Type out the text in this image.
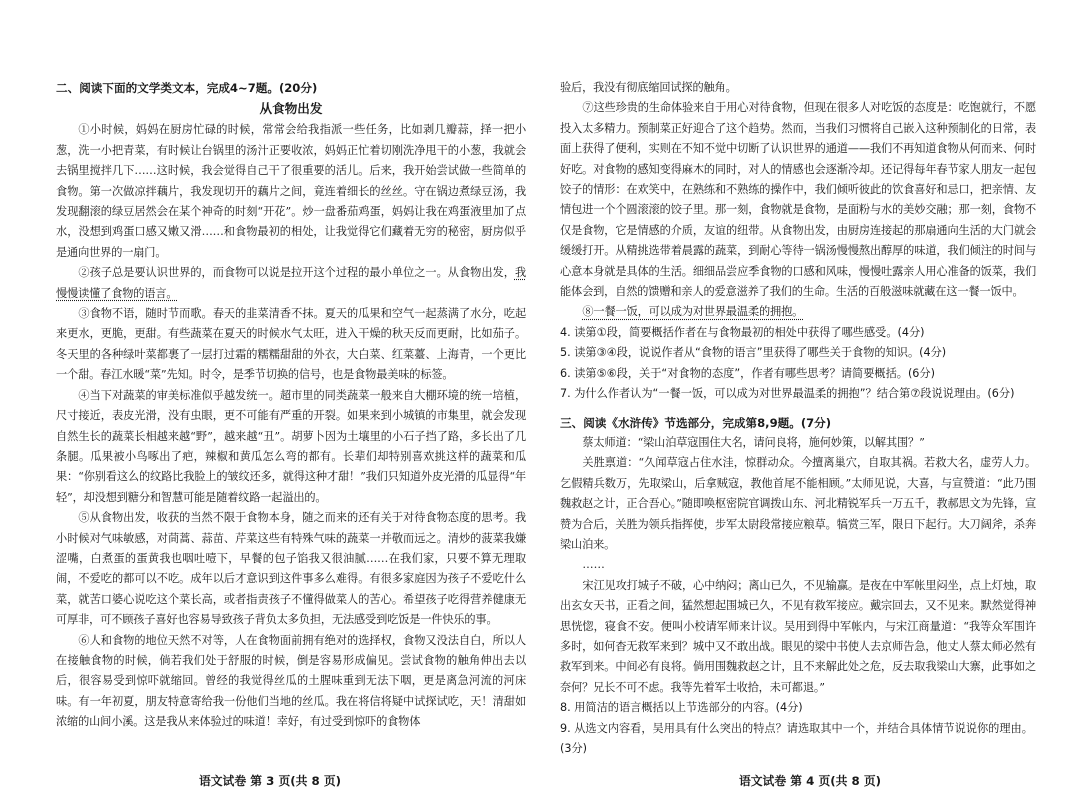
二、阅读下面的文学类文本，完成4~7题。(20分)

从食物出发

①小时候，妈妈在厨房忙碌的时候，常常会给我指派一些任务，比如剥几瓣蒜，择一把小葱，洗一小把青菜，有时候让台锅里的汤汁正要收浓，妈妈正忙着切刚洗净甩干的小葱，我就会去锅里搅拌几下……这时候，我会觉得自己干了很重要的活儿。后来，我开始尝试做一些简单的食物。第一次做凉拌藕片，我发现切开的藕片之间，竟连着细长的丝丝。守在锅边煮绿豆汤，我发现翻滚的绿豆居然会在某个神奇的时刻“开花”。炒一盘番茄鸡蛋，妈妈让我在鸡蛋液里加了点水，没想到鸡蛋口感又嫩又滑……和食物最初的相处，让我觉得它们藏着无穷的秘密，厨房似乎是通向世界的一扇门。

②孩子总是要认识世界的，而食物可以说是拉开这个过程的最小单位之一。从食物出发，我慢慢读懂了食物的语言。

③食物不语，随时节而歌。春天的韭菜清香不抹。夏天的瓜果和空气一起蒸满了水分，吃起来更水，更脆，更甜。有些蔬菜在夏天的时候水气太旺，进入干燥的秋天反而更耐，比如茄子。冬天里的各种绿叶菜都裹了一层打过霜的糯糯甜甜的外衣，大白菜、红菜薹、上海青，一个更比一个甜。春江水暖“菜”先知。时令，是季节切换的信号，也是食物最美味的标签。

④当下对蔬菜的审美标准似乎越发统一。超市里的同类蔬菜一般来自大棚环境的统一培植，尺寸接近，表皮光滑，没有虫眼，更不可能有严重的开裂。如果来到小城镇的市集里，就会发现自然生长的蔬菜长相越来越“野”，越来越“丑”。胡萝卜因为土壤里的小石子挡了路，多长出了几条腿。瓜果被小鸟啄出了疤，辣椒和黄瓜怎么弯的都有。长辈们却特别喜欢挑这样的蔬菜和瓜果：“你别看这么的纹路比我脸上的皱纹还多，就得这种才甜！”我们只知道外皮光滑的瓜显得“年轻”，却没想到糖分和智慧可能是随着纹路一起溢出的。

⑤从食物出发，收获的当然不限于食物本身，随之而来的还有关于对待食物态度的思考。我小时候对气味敏感，对茼蒿、蒜苗、芹菜这些有特殊气味的蔬菜一并敬而远之。清炒的菠菜我嫌涩嘴，白煮蛋的蛋黄我也咽吐噎下，早餐的包子馅我又很油腻……在我们家，只要不算无理取闹，不爱吃的都可以不吃。成年以后才意识到这件事多么难得。有很多家庭因为孩子不爱吃什么菜，就苦口婆心说吃这个菜长高，或者指责孩子不懂得做菜人的苦心。希望孩子吃得营养健康无可厚非，可不顾孩子喜好也容易导致孩子背负太多负担，无法感受到吃饭是一件快乐的事。

⑥人和食物的地位天然不对等，人在食物面前拥有绝对的选择权，食物又没法自白，所以人在接触食物的时候，倘若我们处于舒服的时候，倒是容易形成偏见。尝试食物的触角伸出去以后，很容易受到惊吓就缩回。曾经的我觉得丝瓜的土腥味重到无法下咽，更是离急河流的河床味。有一年初夏，朋友特意寄给我一份他们当地的丝瓜。我在将信将疑中试探试吃，天！清甜如浓缩的山间小溪。这是我从来体验过的味道！幸好，有过受到惊吓的食物体

语文试卷 第 3 页(共 8 页)

验后，我没有彻底缩回试探的触角。

⑦这些珍贵的生命体验来自于用心对待食物，但现在很多人对吃饭的态度是：吃饱就行，不愿投入太多精力。预制菜正好迎合了这个趋势。然而，当我们习惯将自己嵌入这种预制化的日常，表面上获得了便利，实则在不知不觉中切断了认识世界的通道——我们不再知道食物从何而来、何时好吃。对食物的感知变得麻木的同时，对人的情感也会逐渐冷却。还记得每年春节家人朋友一起包饺子的情形：在欢笑中，在熟练和不熟练的操作中，我们倾听彼此的饮食喜好和忌口，把亲情、友情包进一个个圆滚滚的饺子里。那一刻，食物就是食物，是面粉与水的美妙交融；那一刻，食物不仅是食物，它是情感的介质，友谊的纽带。从食物出发，由厨房连接起的那扇通向生活的大门就会缓缓打开。从精挑选带着晨露的蔬菜，到耐心等待一锅汤慢慢熬出醇厚的味道，我们倾注的时间与心意本身就是具体的生活。细细品尝应季食物的口感和风味，慢慢吐露亲人用心准备的饭菜，我们能体会到，自然的馈赠和亲人的爱意滋养了我们的生命。生活的百般滋味就藏在这一餐一饭中。

⑧一餐一饭，可以成为对世界最温柔的拥抱。

4. 读第①段，简要概括作者在与食物最初的相处中获得了哪些感受。(4分)

5. 读第③④段，说说作者从“食物的语言”里获得了哪些关于食物的知识。(4分)

6. 读第⑤⑥段，关于“对食物的态度”，作者有哪些思考？请简要概括。(6分)

7. 为什么作者认为“一餐一饭，可以成为对世界最温柔的拥抱”？结合第⑦段说说理由。(6分)

三、阅读《水浒传》节选部分，完成第8,9题。(7分)

蔡太师道：“梁山泊草寇围住大名，请问良将，施何妙策，以解其围？”

关胜禀道：“久闻草寇占住水洼，惊群动众。今擅离巢穴，自取其祸。若救大名，虚劳人力。乞假精兵数万，先取梁山，后拿贼寇，教他首尾不能相顾。”太师见说，大喜，与宣赞道：“此乃围魏救赵之计，正合吾心。”随即唤枢密院官调拨山东、河北精锐军兵一万五千，教郝思文为先锋，宣赞为合后，关胜为领兵指挥使，步军太尉段常接应粮草。犒赏三军，限日下起行。大刀阔斧，杀奔梁山泊来。

……

宋江见攻打城子不破，心中纳闷；离山已久，不见输赢。是夜在中军帐里闷坐，点上灯烛，取出玄女天书，正看之间，猛然想起围城已久，不见有救军接应。戴宗回去，又不见来。默然觉得神思恍惚，寝食不安。便叫小校请军师来计议。吴用到得中军帐内，与宋江商量道：“我等众军围许多时，如何杳无救军来到？城中又不敢出战。眼见的梁中书使人去京师告急，他丈人蔡太师必然有救军到来。中间必有良将。倘用围魏救赵之计，且不来解此处之危，反去取我梁山大寨，此事如之奈何？兄长不可不虑。我等先着军士收拾，未可都退。”

8. 用简洁的语言概括以上节选部分的内容。(4分)

9. 从选文内容看，吴用具有什么突出的特点？请选取其中一个，并结合具体情节说说你的理由。(3分)

语文试卷 第 4 页(共 8 页)
